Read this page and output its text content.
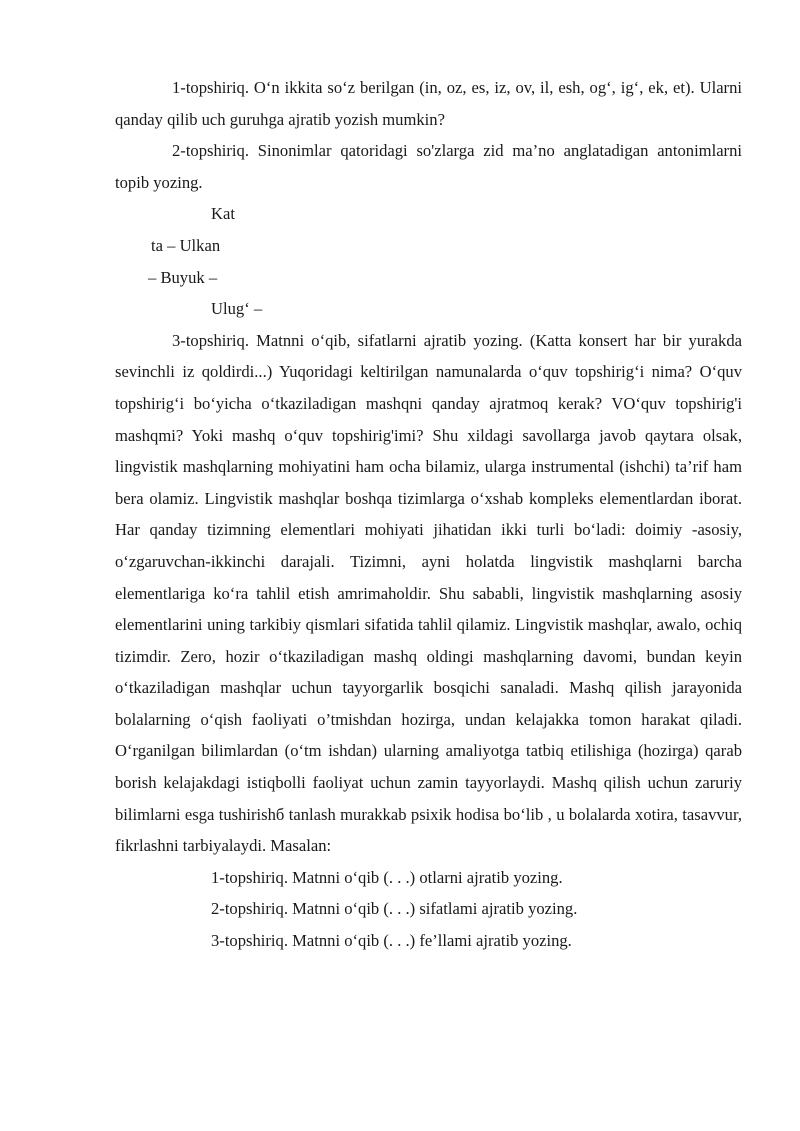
1-topshiriq. O‘n ikkita so‘z berilgan (in, oz, es, iz, ov, il, esh, og‘, ig‘, ek, et). Ularni qanday qilib uch guruhga ajratib yozish mumkin?

2-topshiriq. Sinonimlar qatoridagi so'zlarga zid ma’no anglatadigan antonimlarni topib yozing.

Kat

ta – Ulkan

– Buyuk –

Ulug‘ –

3-topshiriq. Matnni o‘qib, sifatlarni ajratib yozing. (Katta konsert har bir yurakda sevinchli iz qoldirdi...) Yuqoridagi keltirilgan namunalarda o‘quv topshirig‘i nima? O‘quv topshirig‘i bo‘yicha o‘tkaziladigan mashqni qanday ajratmoq kerak? VO‘quv topshirig'i mashqmi? Yoki mashq o‘quv topshirig'imi? Shu xildagi savollarga javob qaytara olsak, lingvistik mashqlarning mohiyatini ham ocha bilamiz, ularga instrumental (ishchi) ta’rif ham bera olamiz. Lingvistik mashqlar boshqa tizimlarga o‘xshab kompleks elementlardan iborat. Har qanday tizimning elementlari mohiyati jihatidan ikki turli bo‘ladi: doimiy -asosiy, o‘zgaruvchan-ikkinchi darajali. Tizimni, ayni holatda lingvistik mashqlarni barcha elementlariga ko‘ra tahlil etish amrimaholdir. Shu sababli, lingvistik mashqlarning asosiy elementlarini uning tarkibiy qismlari sifatida tahlil qilamiz. Lingvistik mashqlar, awalo, ochiq tizimdir. Zero, hozir o‘tkaziladigan mashq oldingi mashqlarning davomi, bundan keyin o‘tkaziladigan mashqlar uchun tayyorgarlik bosqichi sanaladi. Mashq qilish jarayonida bolalarning o‘qish faoliyati o’tmishdan hozirga, undan kelajakka tomon harakat qiladi. O‘rganilgan bilimlardan (o‘tm ishdan) ularning amaliyotga tatbiq etilishiga (hozirga) qarab borish kelajakdagi istiqbolli faoliyat uchun zamin tayyorlaydi. Mashq qilish uchun zaruriy bilimlarni esga tushirishб tanlash murakkab psixik hodisa bo‘lib , u bolalarda xotira, tasavvur, fikrlashni tarbiyalaydi. Masalan:

1-topshiriq. Matnni o‘qib (. . .) otlarni ajratib yozing.

2-topshiriq. Matnni o‘qib (. . .) sifatlami ajratib yozing.

3-topshiriq. Matnni o‘qib (. . .) fe’llami ajratib yozing.
